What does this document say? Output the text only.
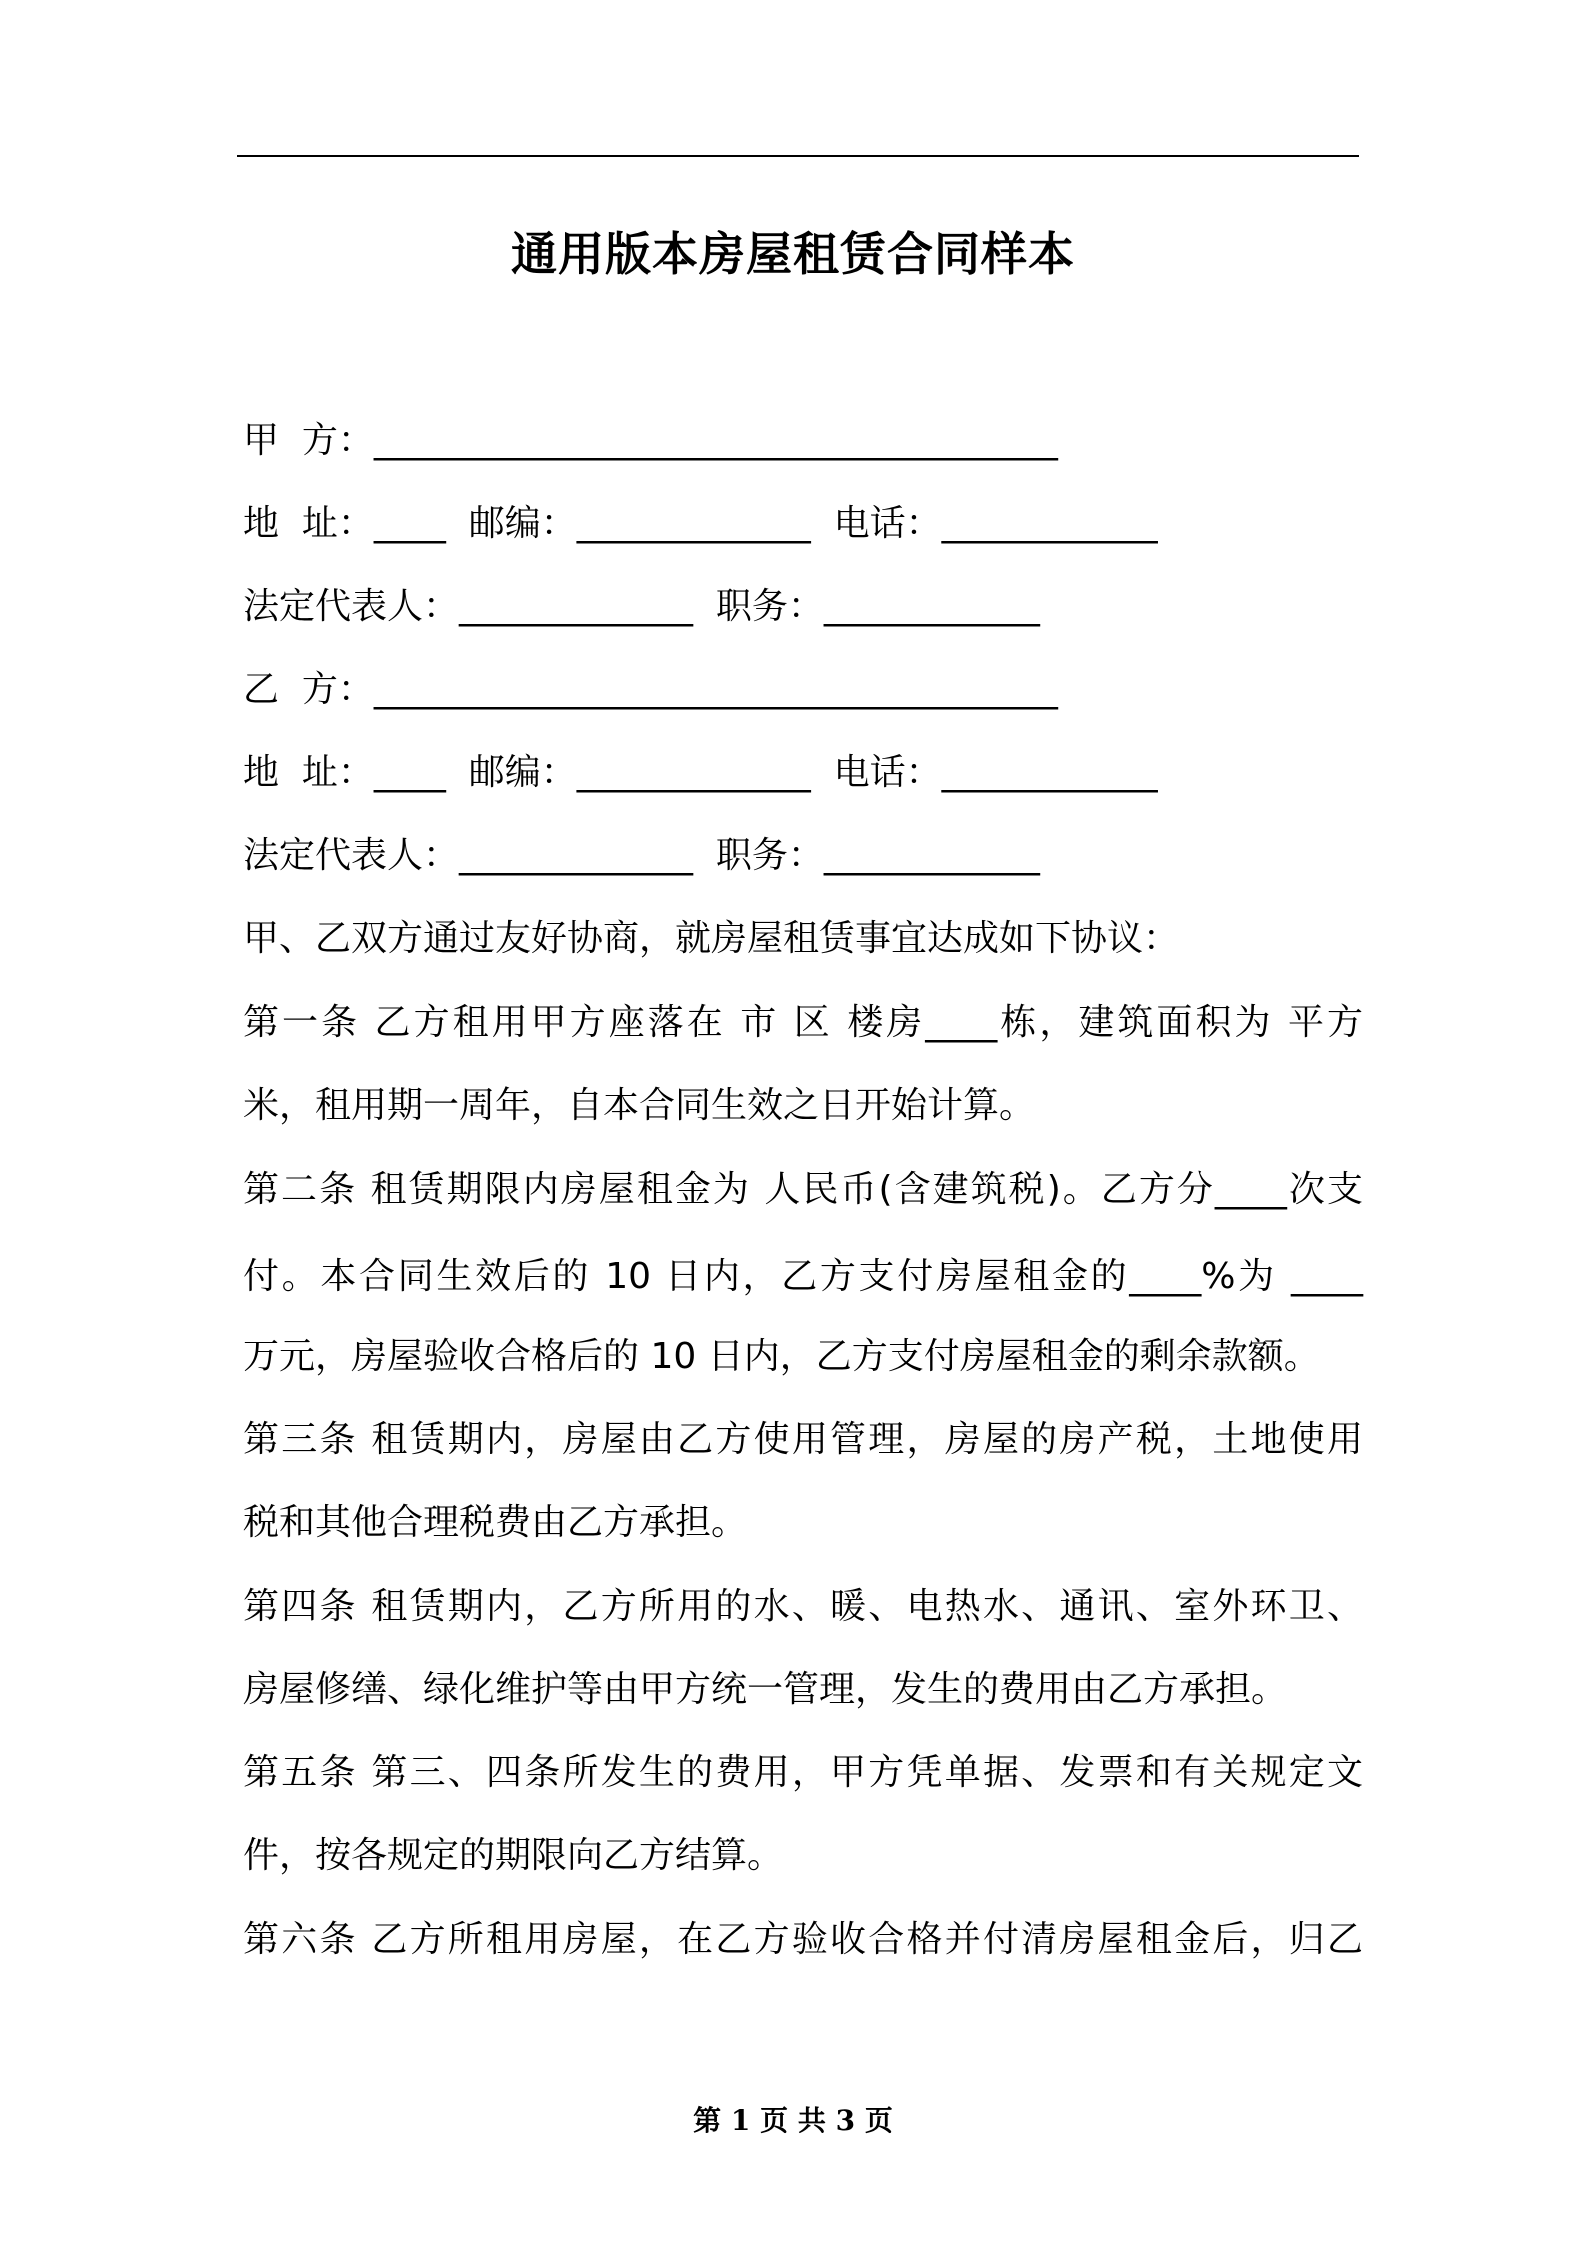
通用版本房屋租赁合同样本
甲  方：______________________________________
地  址：____  邮编：_____________  电话：____________
法定代表人：_____________  职务：____________
乙  方：______________________________________
地  址：____  邮编：_____________  电话：____________
法定代表人：_____________  职务：____________
甲、乙双方通过友好协商，就房屋租赁事宜达成如下协议：
第一条 乙方租用甲方座落在 市 区 楼房____栋，建筑面积为 平方
米，租用期一周年，自本合同生效之日开始计算。
第二条 租赁期限内房屋租金为 人民币(含建筑税)。乙方分____次支
付。本合同生效后的 10 日内，乙方支付房屋租金的____%为 ____
万元，房屋验收合格后的 10 日内，乙方支付房屋租金的剩余款额。
第三条 租赁期内，房屋由乙方使用管理，房屋的房产税，土地使用
税和其他合理税费由乙方承担。
第四条 租赁期内，乙方所用的水、暖、电热水、通讯、室外环卫、
房屋修缮、绿化维护等由甲方统一管理，发生的费用由乙方承担。
第五条 第三、四条所发生的费用，甲方凭单据、发票和有关规定文
件，按各规定的期限向乙方结算。
第六条 乙方所租用房屋，在乙方验收合格并付清房屋租金后，归乙
第 1 页 共 3 页
